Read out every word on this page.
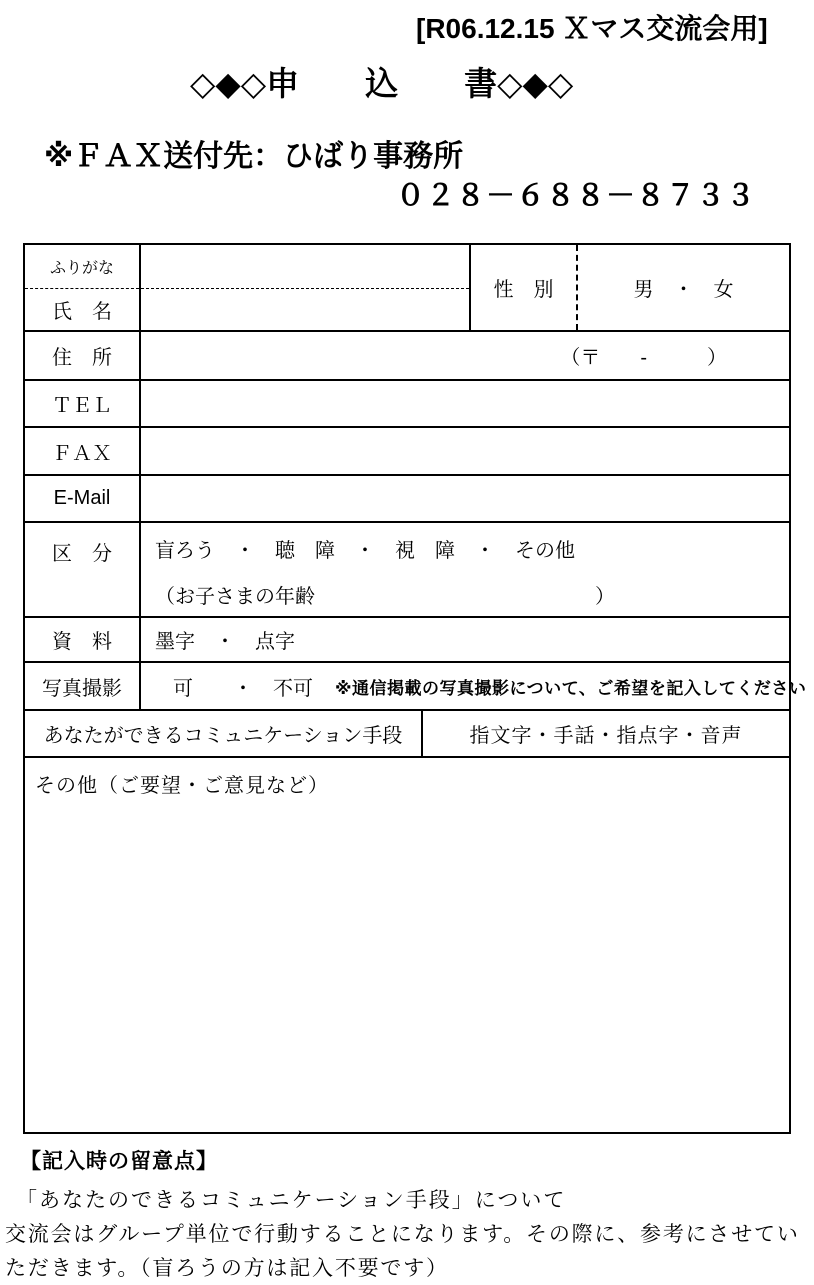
[R06.12.15 Ｘマス交流会用]
◇◆◇申　　込　　書◇◆◇
※ＦＡＸ送付先：ひばり事務所
０２８－６８８－８７３３
ふりがな
氏　名
性　別	男　・　女
住　所	（〒　　-　　　）
ＴＥＬ
ＦＡＸ
E-Mail
区　分	盲ろう　・　聴　障　・　視　障　・　その他
（お子さまの年齢　　　　　　　　　　　　　　）
資　料	墨字　・　点字
写真撮影	可　　・　不可 ※通信掲載の写真撮影について、ご希望を記入してください
あなたができるコミュニケーション手段	指文字・手話・指点字・音声
その他（ご要望・ご意見など）
【記入時の留意点】
「あなたのできるコミュニケーション手段」について
交流会はグループ単位で行動することになります。その際に、参考にさせてい
ただきます。（盲ろうの方は記入不要です）
